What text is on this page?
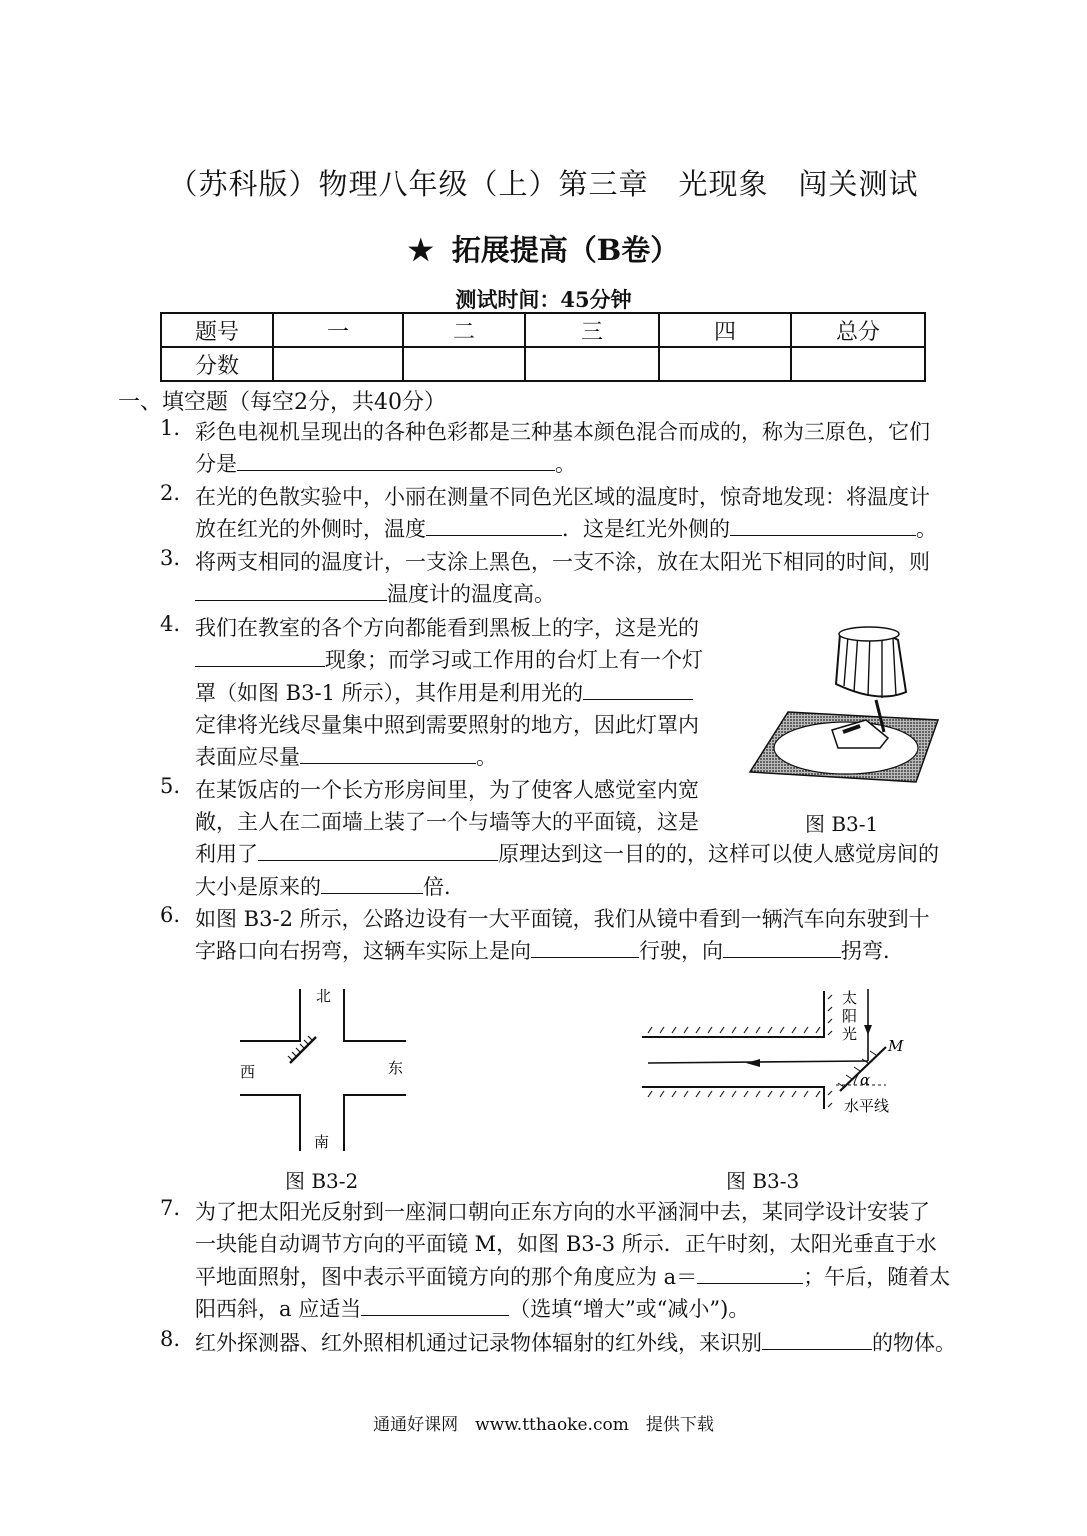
（苏科版）物理八年级（上）第三章　光现象　闯关测试
★ 拓展提高（B卷）
测试时间：45分钟
题号	一	二	三	四	总分
分数					
一、填空题（每空2分，共40分）
1. 彩色电视机呈现出的各种色彩都是三种基本颜色混合而成的，称为三原色，它们
分是	。
2. 在光的色散实验中，小丽在测量不同色光区域的温度时，惊奇地发现：将温度计
放在红光的外侧时，温度	．这是红光外侧的	。
3. 将两支相同的温度计，一支涂上黑色，一支不涂，放在太阳光下相同的时间，则
温度计的温度高。
4. 我们在教室的各个方向都能看到黑板上的字，这是光的
现象；而学习或工作用的台灯上有一个灯
罩（如图 B3-1 所示），其作用是利用光的
定律将光线尽量集中照到需要照射的地方，因此灯罩内
表面应尽量	。
5. 在某饭店的一个长方形房间里，为了使客人感觉室内宽
敞，主人在二面墙上装了一个与墙等大的平面镜，这是
利用了	原理达到这一目的的，这样可以使人感觉房间的
大小是原来的	倍．
图 B3-1
6. 如图 B3-2 所示，公路边设有一大平面镜，我们从镜中看到一辆汽车向东驶到十
字路口向右拐弯，这辆车实际上是向	行驶，向	拐弯．
北
南
西	东
图 B3-2
太
阳
光
M
α
水平线
图 B3-3
7. 为了把太阳光反射到一座洞口朝向正东方向的水平涵洞中去，某同学设计安装了
一块能自动调节方向的平面镜 M，如图 B3-3 所示．正午时刻，太阳光垂直于水
平地面照射，图中表示平面镜方向的那个角度应为 a＝	；午后，随着太
阳西斜，a 应适当	（选填“增大”或“减小”)。
8. 红外探测器、红外照相机通过记录物体辐射的红外线，来识别	的物体。
通通好课网　www.tthaoke.com　提供下载
